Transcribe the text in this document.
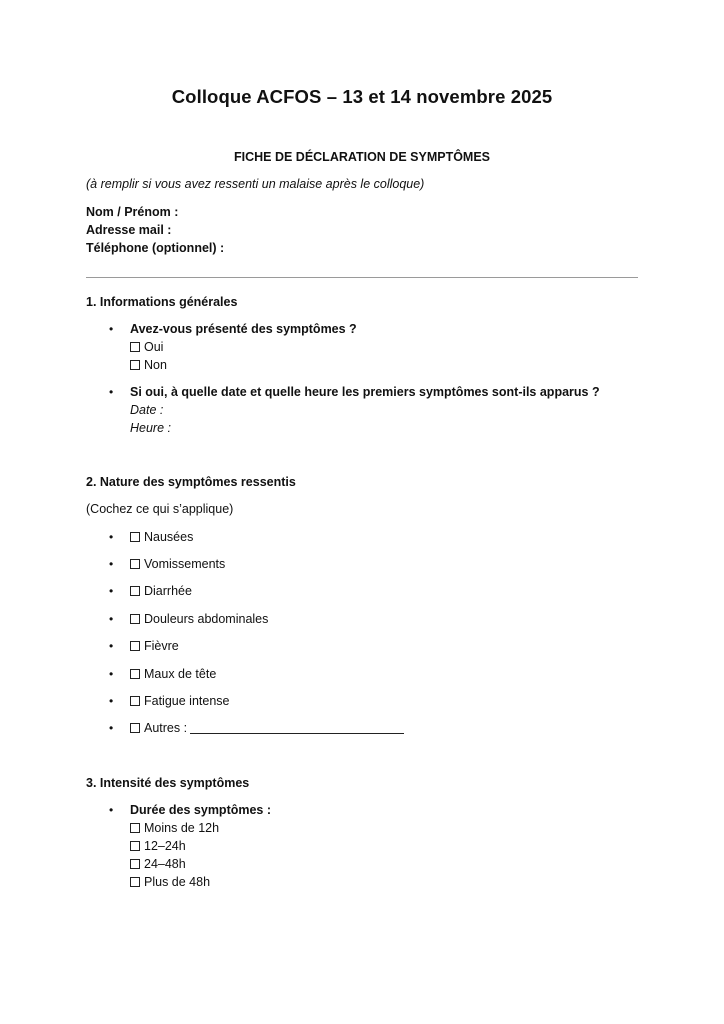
Colloque ACFOS – 13 et 14 novembre 2025
FICHE DE DÉCLARATION DE SYMPTÔMES
(à remplir si vous avez ressenti un malaise après le colloque)
Nom / Prénom :
Adresse mail :
Téléphone (optionnel) :
1. Informations générales
• Avez-vous présenté des symptômes ?
Oui
Non
• Si oui, à quelle date et quelle heure les premiers symptômes sont-ils apparus ?
Date :
Heure :
2. Nature des symptômes ressentis
(Cochez ce qui s’applique)
•	Nausées
•	Vomissements
•	Diarrhée
•	Douleurs abdominales
•	Fièvre
•	Maux de tête
•	Fatigue intense
•	Autres :
3. Intensité des symptômes
• Durée des symptômes :
Moins de 12h
12–24h
24–48h
Plus de 48h
